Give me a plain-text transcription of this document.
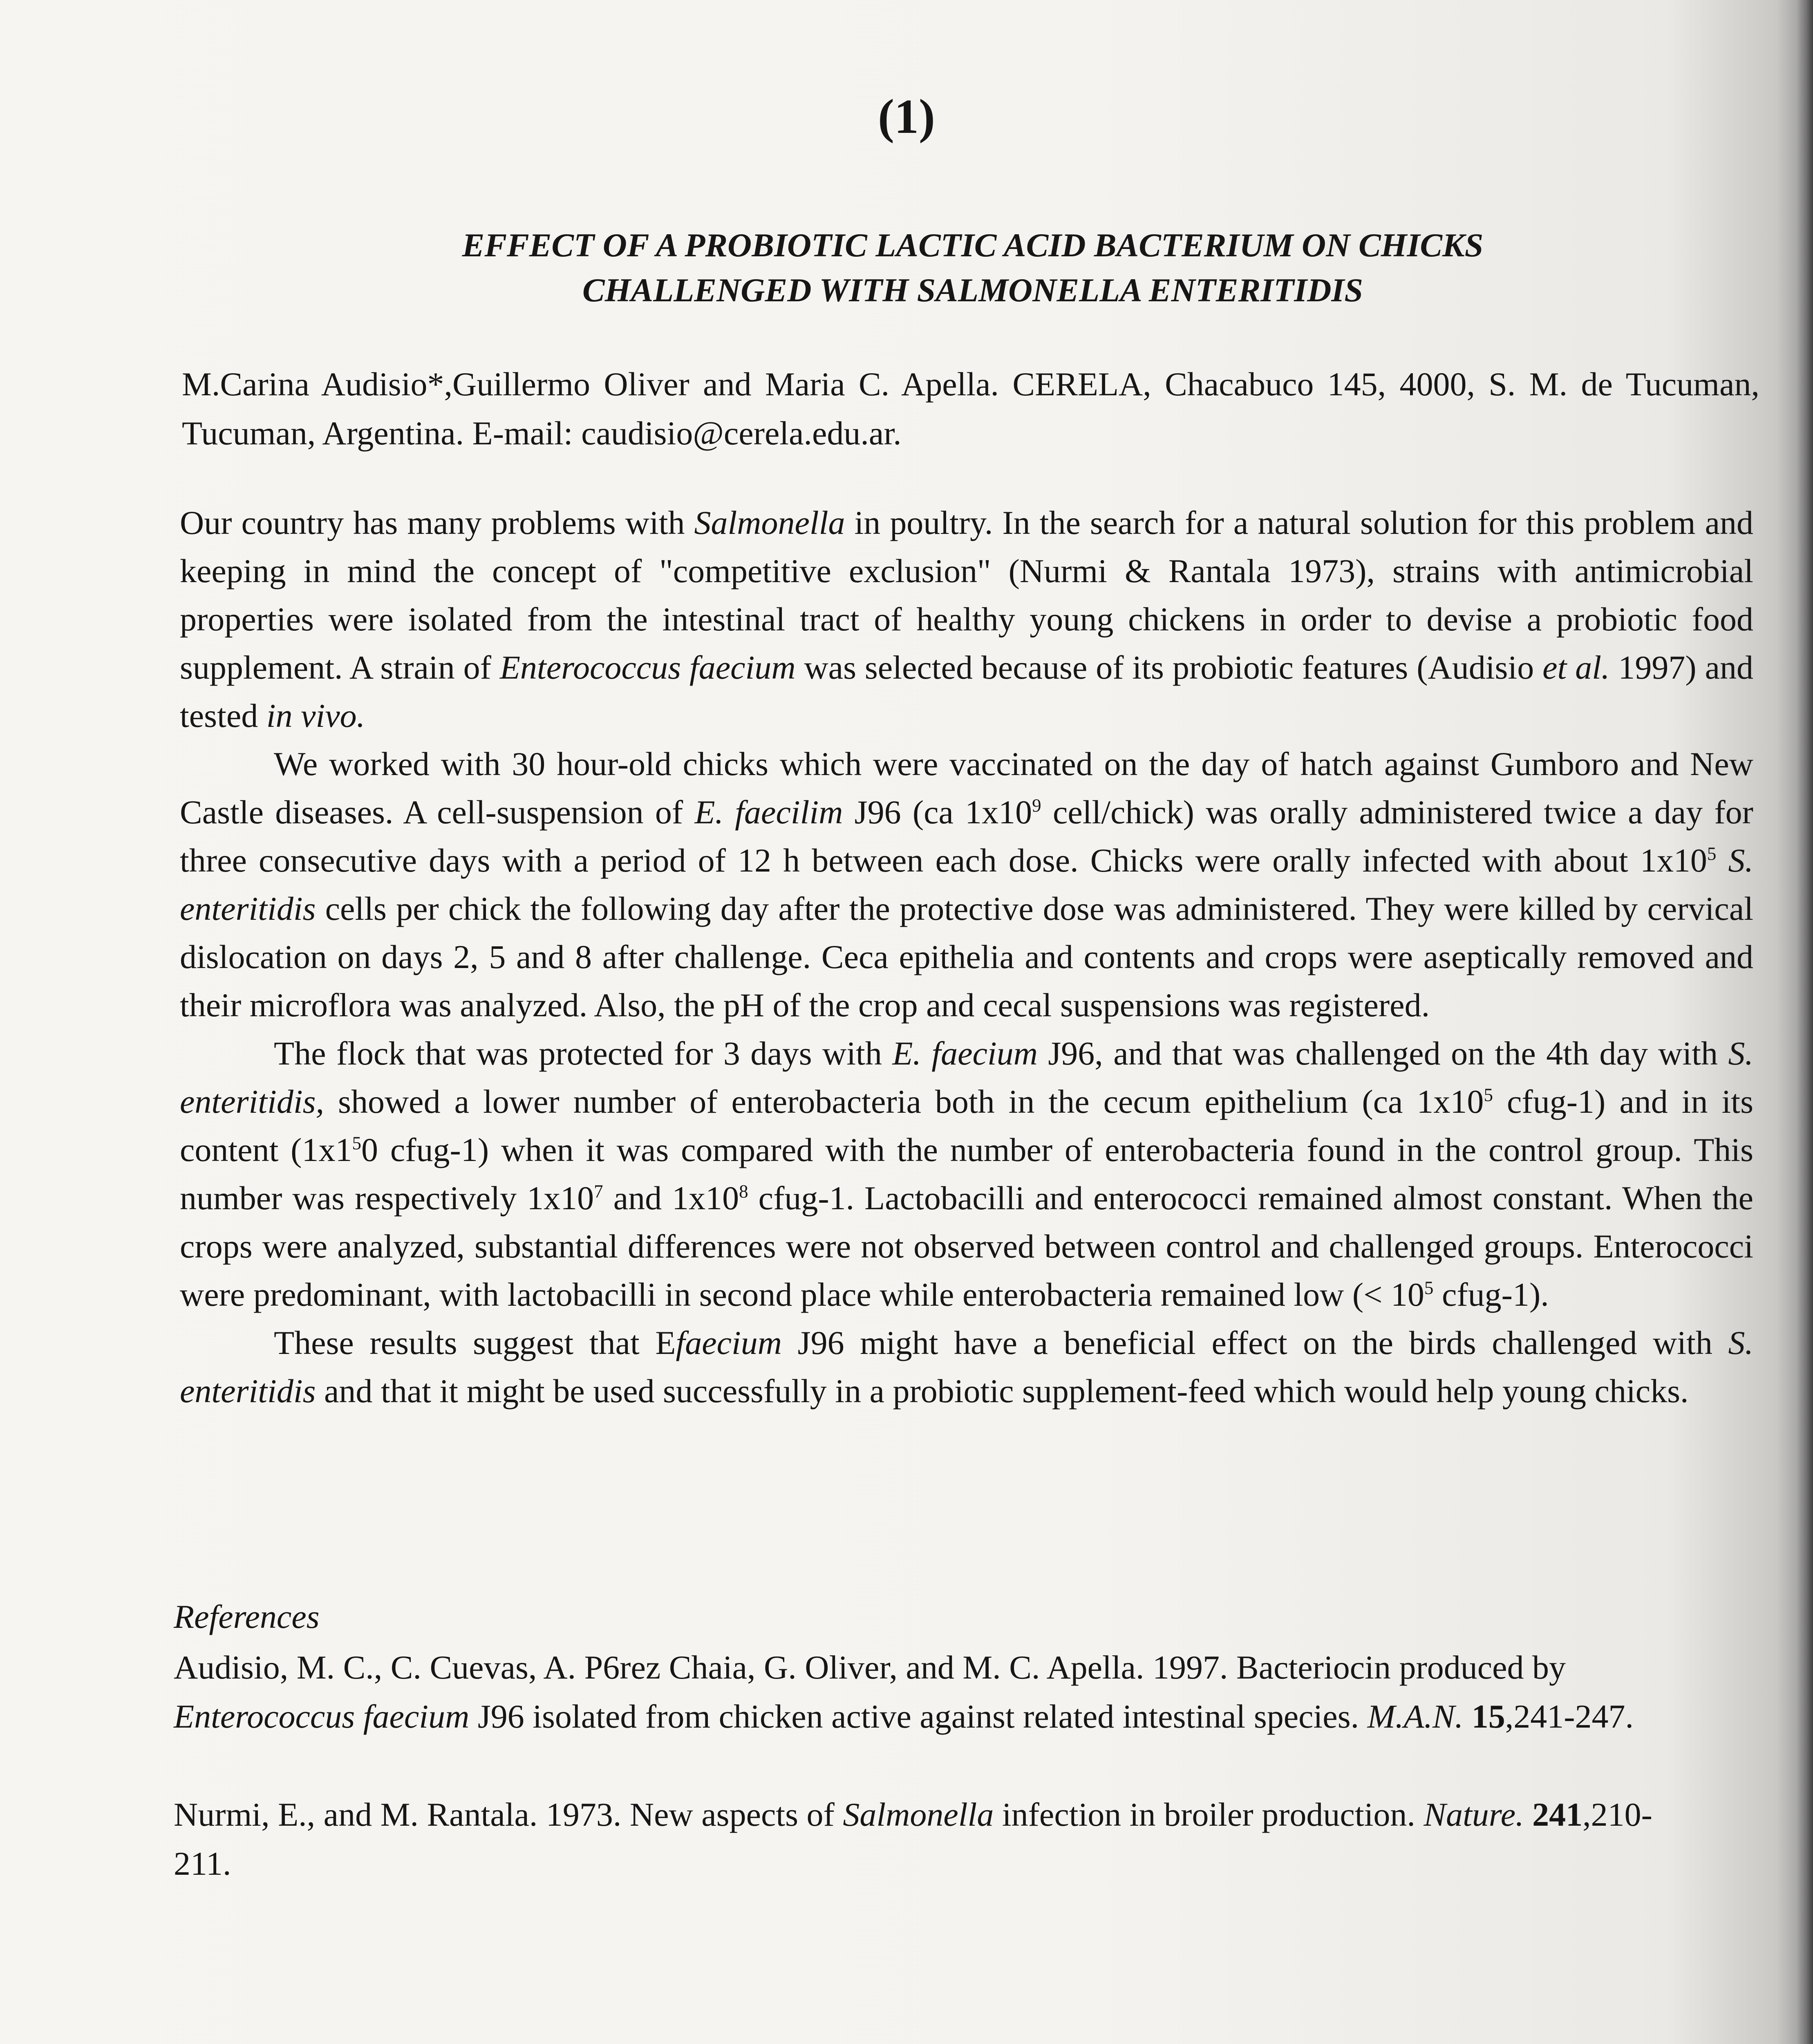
(1)
EFFECT OF A PROBIOTIC LACTIC ACID BACTERIUM ON CHICKS
CHALLENGED WITH SALMONELLA ENTERITIDIS
M.Carina Audisio*,Guillermo Oliver and Maria C. Apella. CERELA, Chacabuco 145, 4000, S. M. de Tucuman, Tucuman, Argentina. E-mail: caudisio@cerela.edu.ar.

Our country has many problems with Salmonella in poultry. In the search for a natural solution for this problem and keeping in mind the concept of "competitive exclusion" (Nurmi & Rantala 1973), strains with antimicrobial properties were isolated from the intestinal tract of healthy young chickens in order to devise a probiotic food supplement. A strain of Enterococcus faecium was selected because of its probiotic features (Audisio et al. 1997) and tested in vivo.

We worked with 30 hour-old chicks which were vaccinated on the day of hatch against Gumboro and New Castle diseases. A cell-suspension of E. faecilim J96 (ca $1x10^9$ cell/chick) was orally administered twice a day for three consecutive days with a period of 12 h between each dose. Chicks were orally infected with about $1x10^5$ S. enteritidis cells per chick the following day after the protective dose was administered. They were killed by cervical dislocation on days 2, 5 and 8 after challenge. Ceca epithelia and contents and crops were aseptically removed and their microflora was analyzed. Also, the pH of the crop and cecal suspensions was registered.

The flock that was protected for 3 days with E. faecium J96, and that was challenged on the 4th day with S. enteritidis, showed a lower number of enterobacteria both in the cecum epithelium (ca $1x10^5$ cfug-1) and in its content ($1x1^50$ cfug-1) when it was compared with the number of enterobacteria found in the control group. This number was respectively $1x10^7$ and $1x10^8$ cfug-1. Lactobacilli and enterococci remained almost constant. When the crops were analyzed, substantial differences were not observed between control and challenged groups. Enterococci were predominant, with lactobacilli in second place while enterobacteria remained low (< $10^5$ cfug-1).

These results suggest that Efaecium J96 might have a beneficial effect on the birds challenged with S. enteritidis and that it might be used successfully in a probiotic supplement-feed which would help young chicks.

References

Audisio, M. C., C. Cuevas, A. P6rez Chaia, G. Oliver, and M. C. Apella. 1997. Bacteriocin produced by Enterococcus faecium J96 isolated from chicken active against related intestinal species. M.A.N. 15,241-247.

Nurmi, E., and M. Rantala. 1973. New aspects of Salmonella infection in broiler production. Nature. 241,210-211.
